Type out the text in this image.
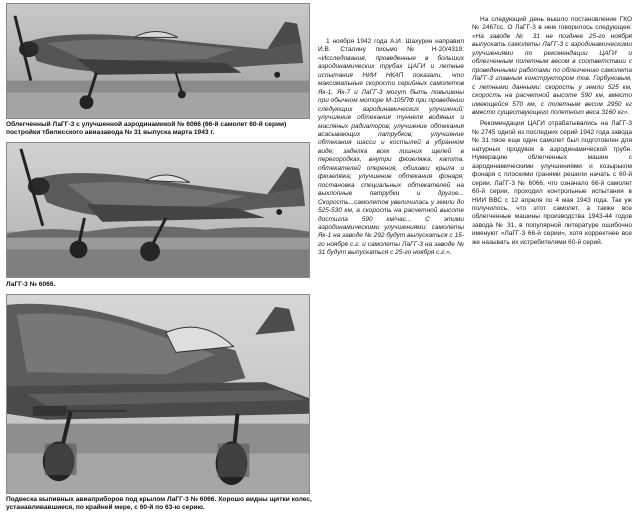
Облегченный ЛаГГ-3 с улучшенной аэродинамикой № 6066 (66-й самолет 60-й серии) постройки тбилисского авиазавода № 31 выпуска марта 1943 г.
ЛаГГ-3 № 6066.
Подвеска выпивных авиаприборов под крылом ЛаГГ-3 № 6066. Хорошо видны щитки колес, устанавливавшиеся, по крайней мере, с 60-й по 63-ю серию.

1 ноября 1942 года А.И. Шахурин направил И.В. Сталину письмо № Н-20/4319: «Исследования, проведенные в больших аэродинамических трубах ЦАГИ и летные испытания НИИ НКАП показали, что максимальные скорости серийных самолетов Як-1, Як-7 и ЛаГГ-3 могут быть повышены при обычном моторе М-105ПФ при проведении следующих аэродинамических улучшений: улучшение обтекания туннеля водяных и масляных радиаторов; улучшение обтекания всасывающих патрубков; улучшение обтекания шасси и костылей в убранном виде; заделка всех лишних щелей в перегородках, внутри фюзеляжа, капота, обтекателей оперения, обшивки крыла и фюзеляжа; улучшение обтекания фонаря; постановка специальных обтекателей на выхлопные патрубки и другие... Скорость...самолетов увеличилась у земли до 525-530 км, а скорость на расчетной высоте достигла 590 км/час... С этими аэродинамическими улучшениями: самолеты Як-1 на заводе № 292 будут выпускаться с 15-го ноября с.г. и самолеты ЛаГГ-3 на заводе № 31 будут выпускаться с 25-го ноября с.г.».

На следующий день вышло постановление ГКО № 2467сс. О ЛаГГ-3 в нем говорилось следующее: «На заводе № 31 не позднее 25-го ноября выпускать самолеты ЛаГГ-3 с аэродинамическими улучшениями по рекомендации ЦАГИ и облегченным полетным весом в соответствии с проведенными работами по облегчению самолета ЛаГГ-3 главным конструктором тов. Горбуновым, с летными данными: скорость у земли 525 км, скорость на расчетной высоте 590 км, вместо имеющейся 570 км, с полетным весом 2950 кг вместо существующего полетного веса 3160 кг».

Рекомендации ЦАГИ отрабатывались на ЛаГГ-3 № 2745 одной из последних серий 1942 года завода № 31 пяое еще один самолет был подготовлен для натурных продувок в аэродинамической трубе. Нумерацию облегченных машин с аэродинамическими улучшениями и козырьком фонаря с плоскими гранями решили начать с 60-й серии. ЛаГГ-3 № 6066, что означало 66-й самолет 60-й серии, проходил контрольные испытания в НИИ ВВС с 12 апреля по 4 мая 1943 года. Так уж получилось, что этот самолет, а также все облегченные машины производства 1943-44 годов завода № 31, в популярной литературе ошибочно именуют «ЛаГГ-3 66-й серии», хотя корректнее все же называть их истребителями 60-й серий.
